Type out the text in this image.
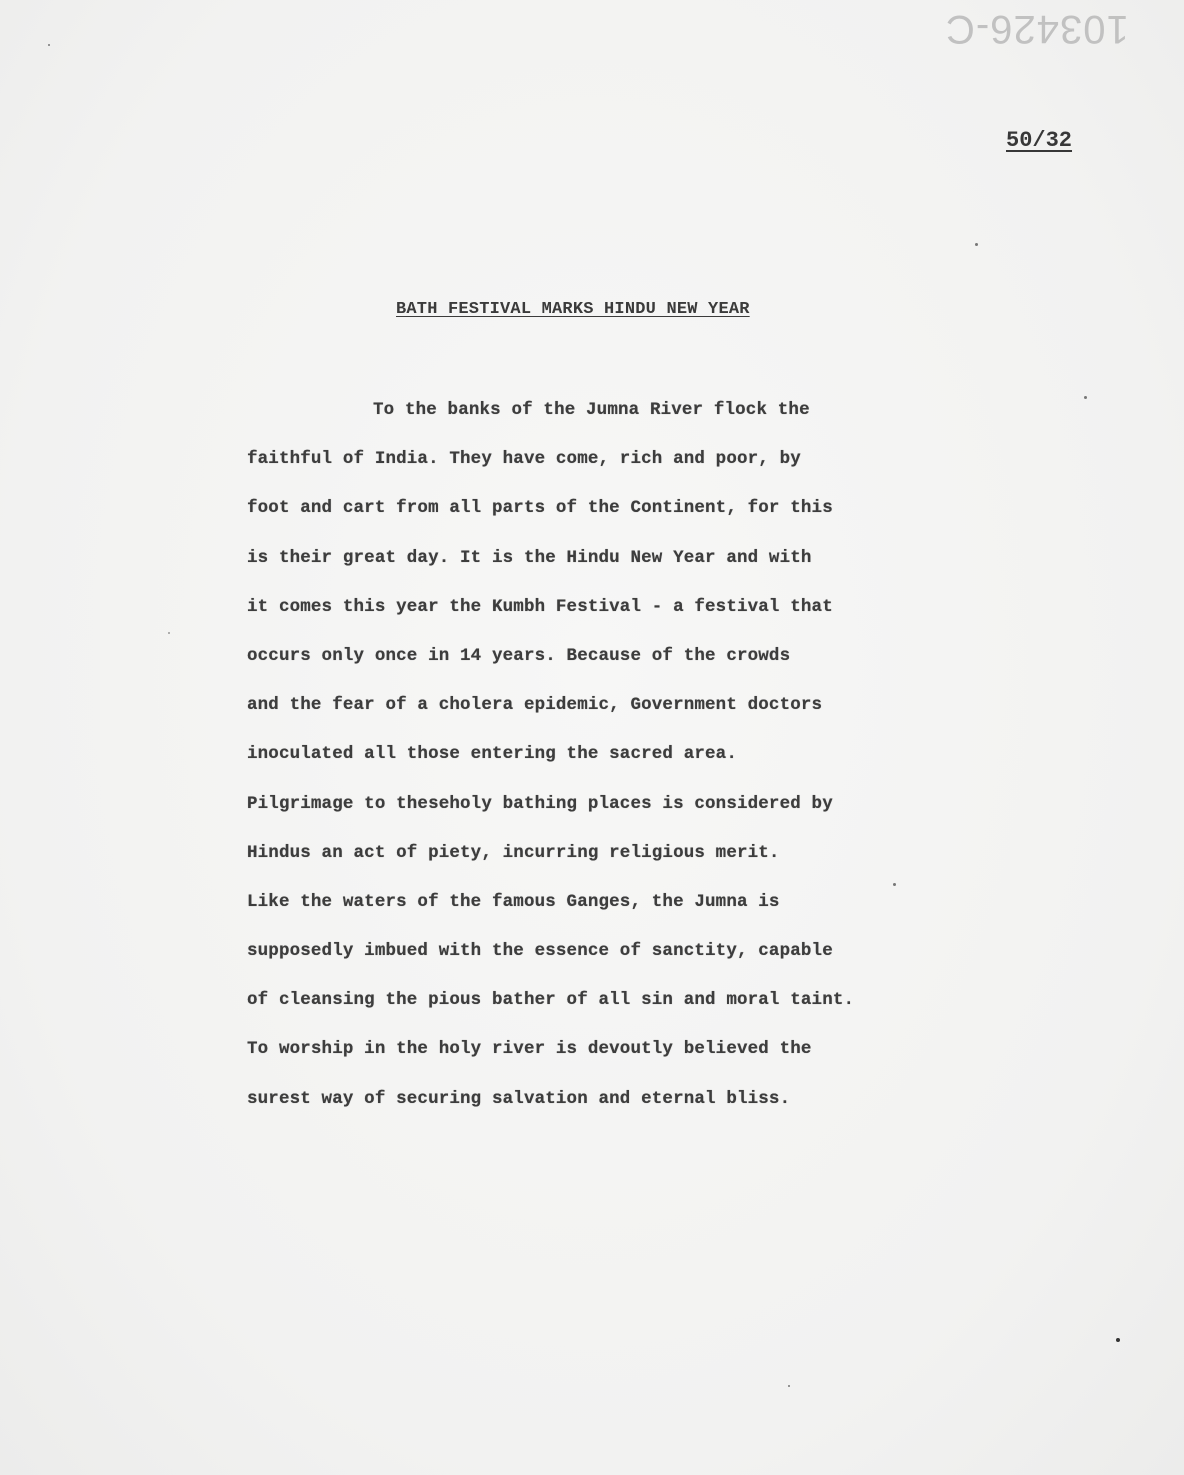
103426-C
50/32
BATH FESTIVAL MARKS HINDU NEW YEAR
To the banks of the Jumna River flock the
faithful of India. They have come, rich and poor, by
foot and cart from all parts of the Continent, for this
is their great day. It is the Hindu New Year and with
it comes this year the Kumbh Festival - a festival that
occurs only once in 14 years. Because of the crowds
and the fear of a cholera epidemic, Government doctors
inoculated all those entering the sacred area.
Pilgrimage to theseholy bathing places is considered by
Hindus an act of piety, incurring religious merit.
Like the waters of the famous Ganges, the Jumna is
supposedly imbued with the essence of sanctity, capable
of cleansing the pious bather of all sin and moral taint.
To worship in the holy river is devoutly believed the
surest way of securing salvation and eternal bliss.
